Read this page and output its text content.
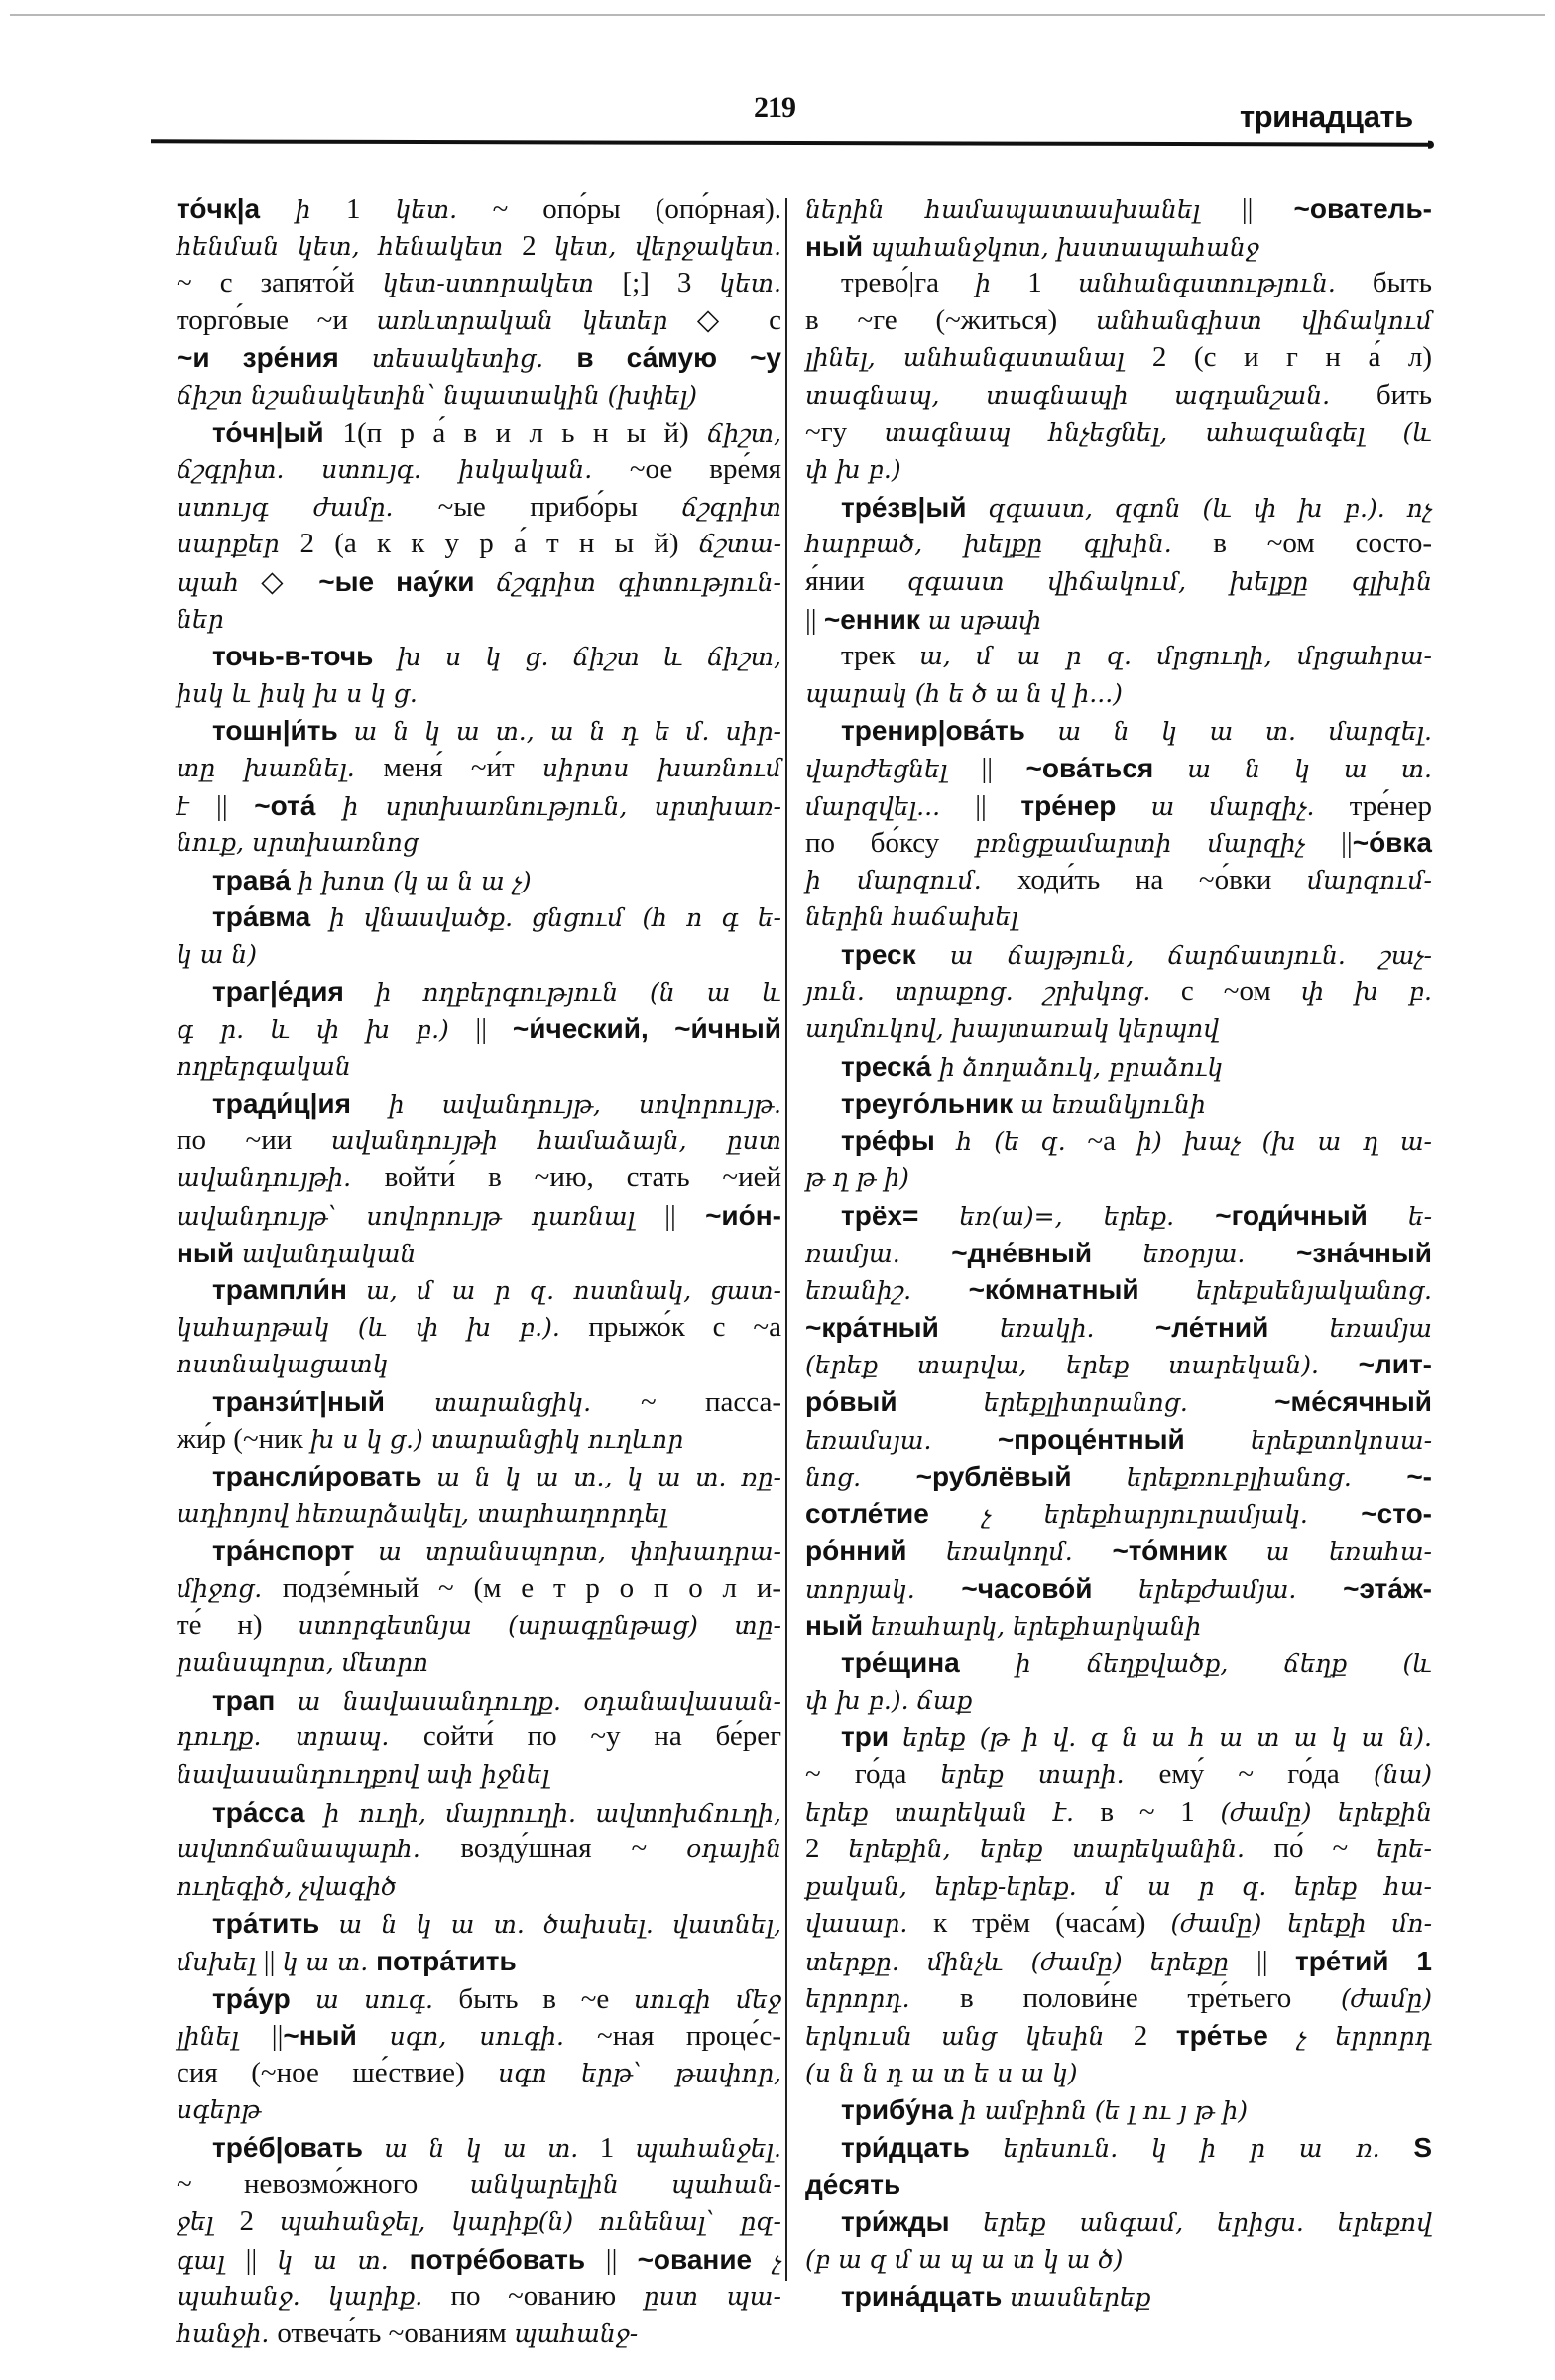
219	тринадцать
то́чк|а ի 1 կետ. ~ опо́ры (опо́рная).
հենման կետ, հենակետ 2 կետ, վերջակետ.
~ с запято́й կետ-ստորակետ [;] 3 կետ.
торго́вые ~и առևտրական կետեր ◇ с
~и зре́ния տեսակետից. в са́мую ~у
ճիշտ նշանակետին՝ նպատակին (խփել)
то́чн|ый 1(п р а́ в и л ь н ы й) ճիշտ,
ճշգրիտ. ստույգ. իսկական. ~ое вре́мя
ստույգ ժամը. ~ые прибо́ры ճշգրիտ
սարքեր 2 (а к к у р а́ т н ы й) ճշտա-
պահ ◇ ~ые нау́ки ճշգրիտ գիտություն-
ներ
точь-в-точь խ ս կ ց. ճիշտ և ճիշտ,
իսկ և իսկ խ ս կ ց.
тошн|и́ть ա ն կ ա տ., ա ն դ ե մ. սիր-
տը խառնել. меня́ ~и́т սիրտս խառնում
է || ~ота́ ի սրտխառնություն, սրտխառ-
նուք, սրտխառնոց
трава́ ի խոտ (կ ա ն ա չ)
тра́вма ի վնասվածք. ցնցում (հ ո գ ե-
կ ա ն)
траг|е́дия ի ողբերգություն (ն ա և
գ ր. և փ խ բ.) || ~и́ческий, ~и́чный
ողբերգական
тради́ц|ия ի ավանդույթ, սովորույթ.
по ~ии ավանդույթի համաձայն, ըստ
ավանդույթի. войти́ в ~ию, стать ~ией
ավանդույթ՝ սովորույթ դառնալ || ~ио́н-
ный ավանդական
трампли́н ա, մ ա ր զ. ոստնակ, ցատ-
կահարթակ (և փ խ բ.). прыжо́к с ~а
ոստնակացատկ
транзи́т|ный տարանցիկ. ~ пасса-
жи́р (~ник խ ս կ ց.) տարանցիկ ուղևոր
трансли́ровать ա ն կ ա տ., կ ա տ. ռը-
ադիոյով հեռարձակել, տարհաղորդել
тра́нспорт ա տրանսպորտ, փոխադրա-
միջոց. подзе́мный ~ (м е т р о п о л и-
те́ н) ստորգետնյա (արագընթաց) տը-
րանսպորտ, մետրո
трап ա նավասանդուղք. օդանավասան-
դուղք. տրապ. сойти́ по ~у на бе́рег
նավասանդուղքով ափ իջնել
тра́сса ի ուղի, մայրուղի. ավտոխճուղի,
ավտոճանապարհ. возду́шная ~ օդային
ուղեգիծ, չվագիծ
тра́тить ա ն կ ա տ. ծախսել. վատնել,
մսխել || կ ա տ. потра́тить
тра́ур ա սուգ. быть в ~е սուգի մեջ
լինել ||~ный սգո, սուգի. ~ная проце́с-
сия (~ное ше́ствие) սգո երթ՝ թափոր,
սգերթ
тре́б|овать ա ն կ ա տ. 1 պահանջել.
~ невозмо́жного անկարելին պահան-
ջել 2 պահանջել, կարիք(ն) ունենալ՝ ըզ-
գալ || կ ա տ. потре́бовать || ~ование չ
պահանջ. կարիք. по ~ованию ըստ պա-
հանջի. отвеча́ть ~ованиям պահանջ-
ներին համապատասխանել || ~ователь-
ный պահանջկոտ, խստապահանջ
трево́|га ի 1 անհանգստություն. быть
в ~ге (~житься) անհանգիստ վիճակում
լինել, անհանգստանալ 2 (с и г н а́ л)
տագնապ, տագնապի ազդանշան. бить
~гу տագնապ հնչեցնել, ահազանգել (և
փ խ բ.)
тре́зв|ый զգաստ, զգոն (և փ խ բ.). ոչ
հարբած, խելքը գլխին. в ~ом состо-
я́нии զգաստ վիճակում, խելքը գլխին
|| ~енник ա սթափ
трек ա, մ ա ր զ. մրցուղի, մրցահրա-
պարակ (հ ե ծ ա ն վ ի...)
тренир|ова́ть ա ն կ ա տ. մարզել.
վարժեցնել || ~ова́ться ա ն կ ա տ.
մարզվել... || тре́нер ա մարզիչ. тре́нер
по бо́ксу բռնցքամարտի մարզիչ ||~о́вка
ի մարզում. ходи́ть на ~о́вки մարզում-
ներին հաճախել
треск ա ճայթյուն, ճարճատյուն. շաչ-
յուն. տրաքոց. շրխկոց. с ~ом փ խ բ.
աղմուկով, խայտառակ կերպով
треска́ ի ձողաձուկ, բրաձուկ
треуго́льник ա եռանկյունի
тре́фы հ (ե զ. ~а ի) խաչ (խ ա ղ ա-
թ ղ թ ի)
трёх= եռ(ա)=, երեք. ~годи́чный ե-
ռամյա. ~дне́вный եռօրյա. ~зна́чный
եռանիշ. ~ко́мнатный երեքսենյականոց.
~кра́тный եռակի. ~ле́тний եռամյա
(երեք տարվա, երեք տարեկան). ~лит-
ро́вый երեքլիտրանոց. ~ме́сячный
եռամսյա. ~проце́нтный երեքտոկոսա-
նոց. ~рублёвый երեքռուբլիանոց. ~-
сотле́тие չ երեքհարյուրամյակ. ~сто-
ро́нний եռակողմ. ~то́мник ա եռահա-
տորյակ. ~часово́й երեքժամյա. ~эта́ж-
ный եռահարկ, երեքհարկանի
тре́щина ի ճեղքվածք, ճեղք (և
փ խ բ.). ճաք
три երեք (թ ի վ. գ ն ա հ ա տ ա կ ա ն).
~ го́да երեք տարի. ему́ ~ го́да (նա)
երեք տարեկան է. в ~ 1 (ժամը) երեքին
2 երեքին, երեք տարեկանին. по́ ~ երե-
քական, երեք-երեք. մ ա ր զ. երեք հա-
վասար. к трём (часа́м) (ժամը) երեքի մո-
տերքը. մինչև (ժամը) երեքը || тре́тий 1
երրորդ. в полови́не тре́тьего (ժամը)
երկուսն անց կեսին 2 тре́тье չ երրորդ
(ս ն ն դ ա տ ե ս ա կ)
трибу́на ի ամբիոն (ե լ ու յ թ ի)
три́дцать երեսուն. կ ի ր ա ռ. S
де́сять
три́жды երեք անգամ, երիցս. երեքով
(բ ա զ մ ա պ ա տ կ ա ծ)
трина́дцать տասներեք
